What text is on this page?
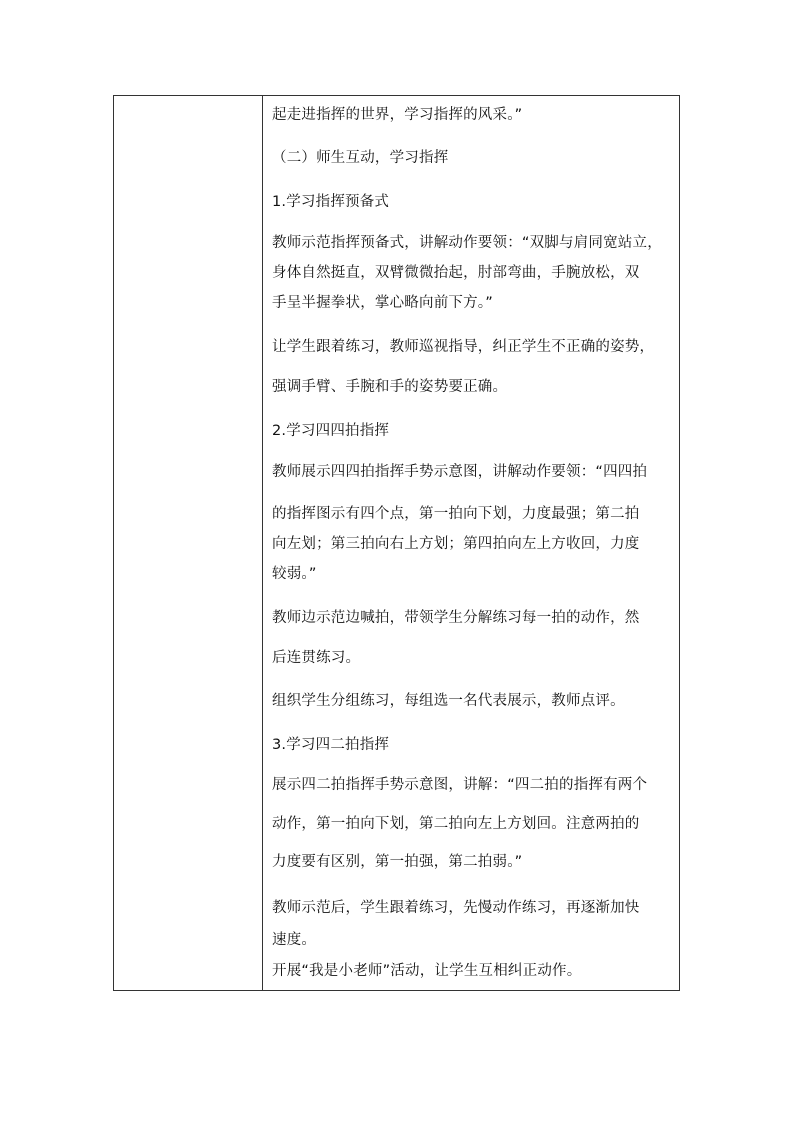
起走进指挥的世界，学习指挥的风采。”
（二）师生互动，学习指挥
1.学习指挥预备式
教师示范指挥预备式，讲解动作要领：“双脚与肩同宽站立，
身体自然挺直，双臂微微抬起，肘部弯曲，手腕放松，双
手呈半握拳状，掌心略向前下方。”
让学生跟着练习，教师巡视指导，纠正学生不正确的姿势，
强调手臂、手腕和手的姿势要正确。
2.学习四四拍指挥
教师展示四四拍指挥手势示意图，讲解动作要领：“四四拍
的指挥图示有四个点，第一拍向下划，力度最强；第二拍
向左划；第三拍向右上方划；第四拍向左上方收回，力度
较弱。”
教师边示范边喊拍，带领学生分解练习每一拍的动作，然
后连贯练习。
组织学生分组练习，每组选一名代表展示，教师点评。
3.学习四二拍指挥
展示四二拍指挥手势示意图，讲解：“四二拍的指挥有两个
动作，第一拍向下划，第二拍向左上方划回。注意两拍的
力度要有区别，第一拍强，第二拍弱。”
教师示范后，学生跟着练习，先慢动作练习，再逐渐加快
速度。
开展“我是小老师”活动，让学生互相纠正动作。
